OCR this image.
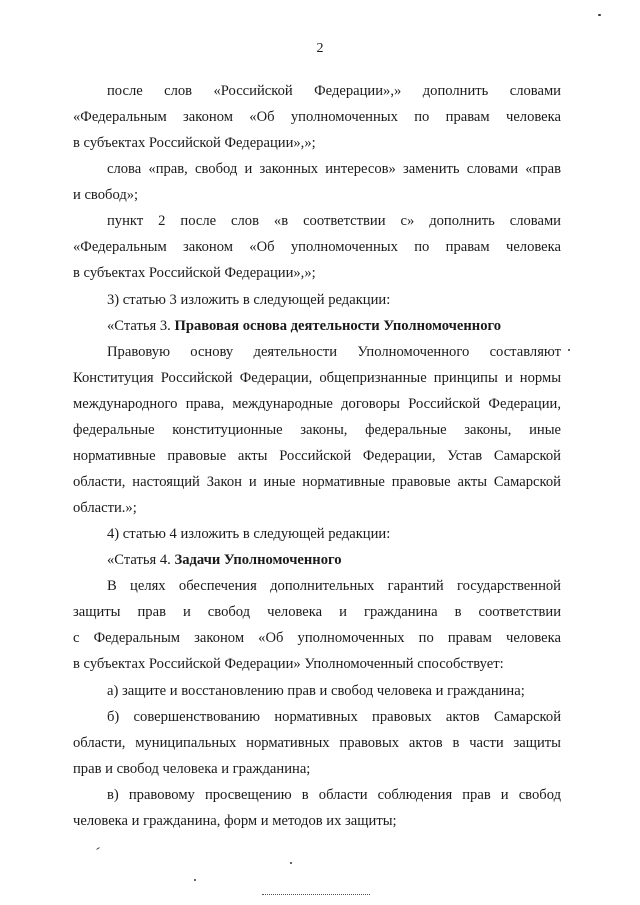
2
после слов «Российской Федерации»,» дополнить словами
«Федеральным законом «Об уполномоченных по правам человека
в субъектах Российской Федерации»,»;
слова «прав, свобод и законных интересов» заменить словами «прав
и свобод»;
пункт 2 после слов «в соответствии с» дополнить словами
«Федеральным законом «Об уполномоченных по правам человека
в субъектах Российской Федерации»,»;
3) статью 3 изложить в следующей редакции:
«Статья 3. Правовая основа деятельности Уполномоченного
Правовую основу деятельности Уполномоченного составляют
Конституция Российской Федерации, общепризнанные принципы и нормы
международного права, международные договоры Российской Федерации,
федеральные конституционные законы, федеральные законы, иные
нормативные правовые акты Российской Федерации, Устав Самарской
области, настоящий Закон и иные нормативные правовые акты Самарской
области.»;
4) статью 4 изложить в следующей редакции:
«Статья 4. Задачи Уполномоченного
В целях обеспечения дополнительных гарантий государственной
защиты прав и свобод человека и гражданина в соответствии
с Федеральным законом «Об уполномоченных по правам человека
в субъектах Российской Федерации» Уполномоченный способствует:
а) защите и восстановлению прав и свобод человека и гражданина;
б) совершенствованию нормативных правовых актов Самарской
области, муниципальных нормативных правовых актов в части защиты
прав и свобод человека и гражданина;
в) правовому просвещению в области соблюдения прав и свобод
человека и гражданина, форм и методов их защиты;
